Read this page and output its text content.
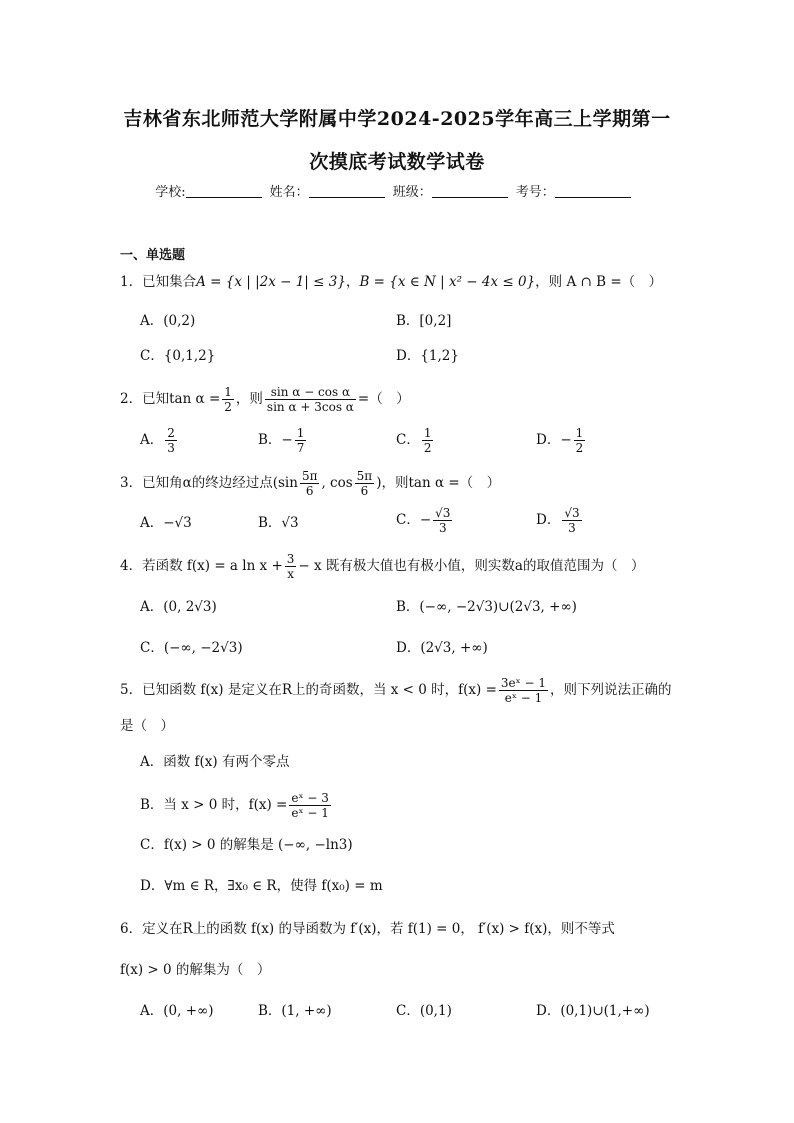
吉林省东北师范大学附属中学2024-2025学年高三上学期第一
次摸底考试数学试卷
学校:	姓名：	班级：	考号：
一、单选题
1．已知集合A = {x | |2x − 1| ≤ 3}，B = {x ∈ N | x² − 4x ≤ 0}，则 A ∩ B =（　）
A．(0,2)	B．[0,2]
C．{0,1,2}	D．{1,2}
2．已知$\tan \alpha = \frac{1}{2}$ ，则 $\frac{\text{sin α − cos α}}{\text{sin α + 3cos α}}$ =（　）
A． $\frac{2}{3}$	B．− $\frac{1}{7}$	C． $\frac{1}{2}$	D．− $\frac{1}{2}$
3．已知角α的终边经过点($\sin \frac{5\pi}{6}$ , $\cos \frac{5\pi}{6}$ )，则tan α =（　）
A．−√3	B．√3	C．− $\frac{√3}{3}$	D． $\frac{√3}{3}$
4．若函数 f(x) = a $\ln x + \frac{3}{x} - x$ 既有极大值也有极小值，则实数a的取值范围为（　）
A．(0, 2√3)	B．(−∞, −2√3)∪(2√3, +∞)
C．(−∞, −2√3)	D．(2√3, +∞)
5．已知函数 f(x) 是定义在R上的奇函数，当 x < 0 时，$f(x) = \frac{\text{3eˣ − 1}}{\text{eˣ − 1}}$ ，则下列说法正确的
是（　）
A．函数 f(x) 有两个零点
B．当 x > 0 时，$f(x) = \frac{\text{eˣ − 3}}{\text{eˣ − 1}}$
C．f(x) > 0 的解集是 (−∞, −ln3)
D．∀m ∈ R，∃x₀ ∈ R，使得 f(x₀) = m
6．定义在R上的函数 f(x) 的导函数为 f′(x)，若 f(1) = 0， f′(x) > f(x)，则不等式
f(x) > 0 的解集为（　）
A．(0, +∞)	B．(1, +∞)	C．(0,1)	D．(0,1)∪(1,+∞)
